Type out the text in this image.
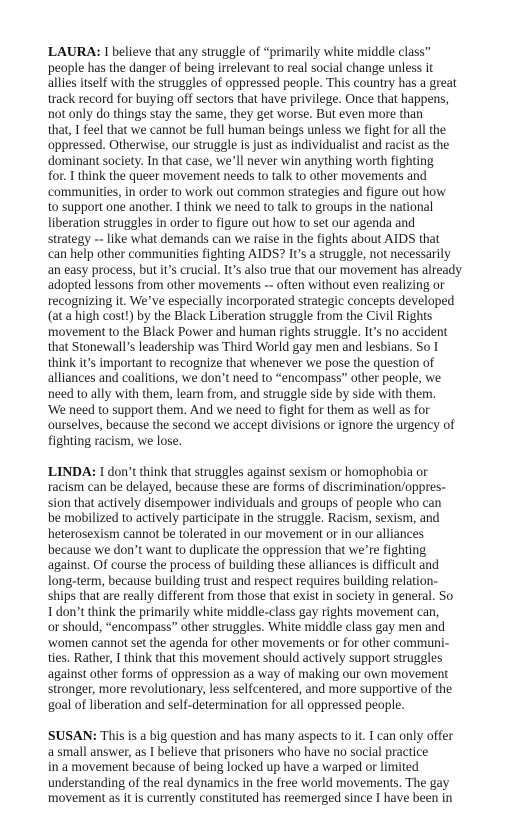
LAURA: I believe that any struggle of “primarily white middle class”
people has the danger of being irrelevant to real social change unless it
allies itself with the struggles of oppressed people. This country has a great
track record for buying off sectors that have privilege. Once that happens,
not only do things stay the same, they get worse. But even more than
that, I feel that we cannot be full human beings unless we fight for all the
oppressed. Otherwise, our struggle is just as individualist and racist as the
dominant society. In that case, we’ll never win anything worth fighting
for. I think the queer movement needs to talk to other movements and
communities, in order to work out common strategies and figure out how
to support one another. I think we need to talk to groups in the national
liberation struggles in order to figure out how to set our agenda and
strategy -- like what demands can we raise in the fights about AIDS that
can help other communities fighting AIDS? It’s a struggle, not necessarily
an easy process, but it’s crucial. It’s also true that our movement has already
adopted lessons from other movements -- often without even realizing or
recognizing it. We’ve especially incorporated strategic concepts developed
(at a high cost!) by the Black Liberation struggle from the Civil Rights
movement to the Black Power and human rights struggle. It’s no accident
that Stonewall’s leadership was Third World gay men and lesbians. So I
think it’s important to recognize that whenever we pose the question of
alliances and coalitions, we don’t need to “encompass” other people, we
need to ally with them, learn from, and struggle side by side with them.
We need to support them. And we need to fight for them as well as for
ourselves, because the second we accept divisions or ignore the urgency of
fighting racism, we lose.

LINDA: I don’t think that struggles against sexism or homophobia or
racism can be delayed, because these are forms of discrimination/oppres-
sion that actively disempower individuals and groups of people who can
be mobilized to actively participate in the struggle. Racism, sexism, and
heterosexism cannot be tolerated in our movement or in our alliances
because we don’t want to duplicate the oppression that we’re fighting
against. Of course the process of building these alliances is difficult and
long-term, because building trust and respect requires building relation-
ships that are really different from those that exist in society in general. So
I don’t think the primarily white middle-class gay rights movement can,
or should, “encompass” other struggles. White middle class gay men and
women cannot set the agenda for other movements or for other communi-
ties. Rather, I think that this movement should actively support struggles
against other forms of oppression as a way of making our own movement
stronger, more revolutionary, less selfcentered, and more supportive of the
goal of liberation and self-determination for all oppressed people.

SUSAN: This is a big question and has many aspects to it. I can only offer
a small answer, as I believe that prisoners who have no social practice
in a movement because of being locked up have a warped or limited
understanding of the real dynamics in the free world movements. The gay
movement as it is currently constituted has reemerged since I have been in
